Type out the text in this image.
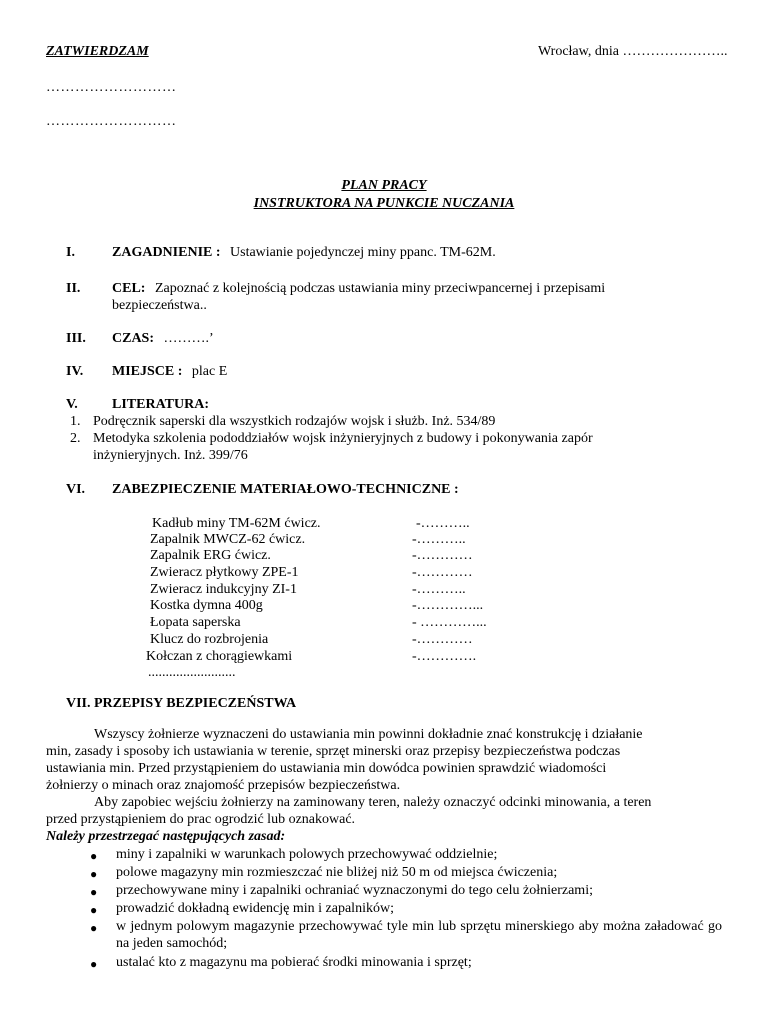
ZATWIERDZAM	Wrocław, dnia …………………..
………………………
………………………
PLAN PRACY
INSTRUKTORA NA PUNKCIE NUCZANIA
I.	ZAGADNIENIE : Ustawianie pojedynczej miny ppanc. TM-62M.
II. CEL: Zapoznać z kolejnością podczas ustawiania miny przeciwpancernej i przepisami
bezpieczeństwa..
III. CZAS: ……….’
IV. MIEJSCE : plac E
V. LITERATURA:
1. Podręcznik saperski dla wszystkich rodzajów wojsk i służb. Inż. 534/89
2. Metodyka szkolenia pododdziałów wojsk inżynieryjnych z budowy i pokonywania zapór
inżynieryjnych. Inż. 399/76
VI. ZABEZPIECZENIE MATERIAŁOWO-TECHNICZNE :
Kadłub miny TM-62M ćwicz.	-………..
Zapalnik MWCZ-62 ćwicz.	-………..
Zapalnik ERG ćwicz.	-…………
Zwieracz płytkowy ZPE-1	-…………
Zwieracz indukcyjny ZI-1	-………..
Kostka dymna 400g	-…………...
Łopata saperska	- …………...
Klucz do rozbrojenia	-…………
Kołczan z chorągiewkami	-………….
.........................
VII. PRZEPISY BEZPIECZEŃSTWA
Wszyscy żołnierze wyznaczeni do ustawiania min powinni dokładnie znać konstrukcję i działanie
min, zasady i sposoby ich ustawiania w terenie, sprzęt minerski oraz przepisy bezpieczeństwa podczas
ustawiania min. Przed przystąpieniem do ustawiania min dowódca powinien sprawdzić wiadomości
żołnierzy o minach oraz znajomość przepisów bezpieczeństwa.
Aby zapobiec wejściu żołnierzy na zaminowany teren, należy oznaczyć odcinki minowania, a teren
przed przystąpieniem do prac ogrodzić lub oznakować.
Należy przestrzegać następujących zasad:
● miny i zapalniki w warunkach polowych przechowywać oddzielnie;
● polowe magazyny min rozmieszczać nie bliżej niż 50 m od miejsca ćwiczenia;
● przechowywane miny i zapalniki ochraniać wyznaczonymi do tego celu żołnierzami;
● prowadzić dokładną ewidencję min i zapalników;
● w jednym polowym magazynie przechowywać tyle min lub sprzętu minerskiego aby można załadować go na jeden samochód;
● ustalać kto z magazynu ma pobierać środki minowania i sprzęt;
